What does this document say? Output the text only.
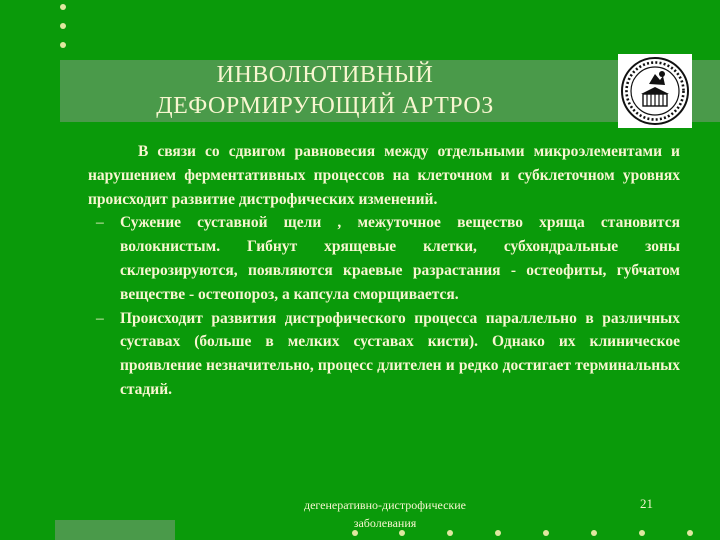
ИНВОЛЮТИВНЫЙ
ДЕФОРМИРУЮЩИЙ АРТРОЗ

В связи со сдвигом равновесия между отдельными микроэлементами и нарушением ферментативных процессов на клеточном и субклеточном уровнях происходит развитие дистрофических изменений.

– Сужение суставной щели , межуточное вещество хряща становится волокнистым. Гибнут хрящевые клетки, субхондральные зоны склерозируются, появляются краевые разрастания - остеофиты, губчатом веществе - остеопороз, а капсула сморщивается.

– Происходит развития дистрофического процесса параллельно в различных суставах (больше в мелких суставах кисти). Однако их клиническое проявление незначительно, процесс длителен и редко достигает терминальных стадий.

дегенеративно-дистрофические заболевания
21
